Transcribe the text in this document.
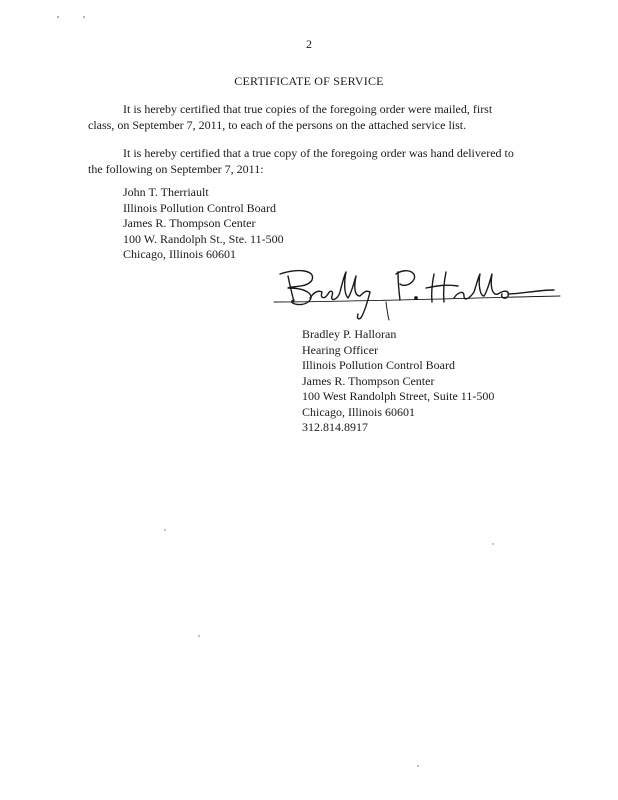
2
CERTIFICATE OF SERVICE

It is hereby certified that true copies of the foregoing order were mailed, first

class, on September 7, 2011, to each of the persons on the attached service list.

It is hereby certified that a true copy of the foregoing order was hand delivered to

the following on September 7, 2011:

John T. Therriault
Illinois Pollution Control Board
James R. Thompson Center
100 W. Randolph St., Ste. 11-500
Chicago, Illinois 60601
Bradley P. Halloran
Hearing Officer
Illinois Pollution Control Board
James R. Thompson Center
100 West Randolph Street, Suite 11-500
Chicago, Illinois 60601
312.814.8917
